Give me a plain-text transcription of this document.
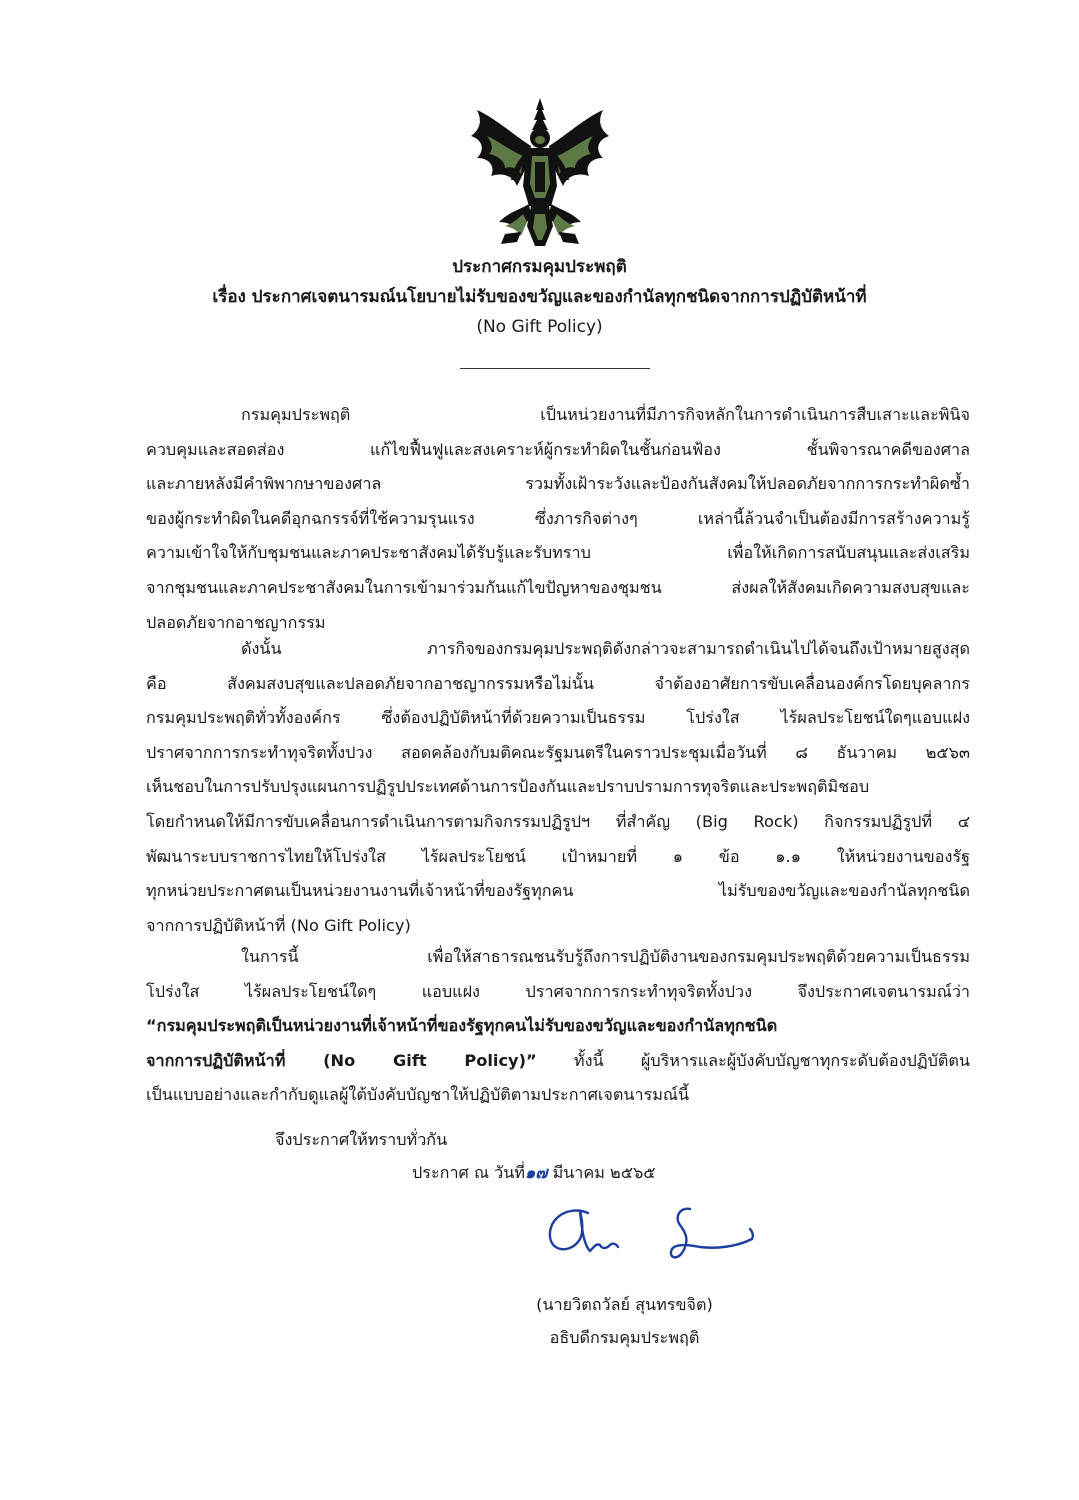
ประกาศกรมคุมประพฤติ
เรื่อง ประกาศเจตนารมณ์นโยบายไม่รับของขวัญและของกำนัลทุกชนิดจากการปฏิบัติหน้าที่
(No Gift Policy)
กรมคุมประพฤติ เป็นหน่วยงานที่มีภารกิจหลักในการดำเนินการสืบเสาะและพินิจ
ควบคุมและสอดส่อง แก้ไขฟื้นฟูและสงเคราะห์ผู้กระทำผิดในชั้นก่อนฟ้อง ชั้นพิจารณาคดีของศาล
และภายหลังมีคำพิพากษาของศาล รวมทั้งเฝ้าระวังและป้องกันสังคมให้ปลอดภัยจากการกระทำผิดซ้ำ
ของผู้กระทำผิดในคดีอุกฉกรรจ์ที่ใช้ความรุนแรง ซึ่งภารกิจต่างๆ เหล่านี้ล้วนจำเป็นต้องมีการสร้างความรู้
ความเข้าใจให้กับชุมชนและภาคประชาสังคมได้รับรู้และรับทราบ เพื่อให้เกิดการสนับสนุนและส่งเสริม
จากชุมชนและภาคประชาสังคมในการเข้ามาร่วมกันแก้ไขปัญหาของชุมชน ส่งผลให้สังคมเกิดความสงบสุขและ
ปลอดภัยจากอาชญากรรม
ดังนั้น ภารกิจของกรมคุมประพฤติดังกล่าวจะสามารถดำเนินไปได้จนถึงเป้าหมายสูงสุด
คือ สังคมสงบสุขและปลอดภัยจากอาชญากรรมหรือไม่นั้น จำต้องอาศัยการขับเคลื่อนองค์กรโดยบุคลากร
กรมคุมประพฤติทั่วทั้งองค์กร ซึ่งต้องปฏิบัติหน้าที่ด้วยความเป็นธรรม โปร่งใส ไร้ผลประโยชน์ใดๆแอบแฝง
ปราศจากการกระทำทุจริตทั้งปวง สอดคล้องกับมติคณะรัฐมนตรีในคราวประชุมเมื่อวันที่ ๘ ธันวาคม ๒๕๖๓
เห็นชอบในการปรับปรุงแผนการปฏิรูปประเทศด้านการป้องกันและปราบปรามการทุจริตและประพฤติมิชอบ
โดยกำหนดให้มีการขับเคลื่อนการดำเนินการตามกิจกรรมปฏิรูปฯ ที่สำคัญ (Big Rock) กิจกรรมปฏิรูปที่ ๔
พัฒนาระบบราชการไทยให้โปร่งใส ไร้ผลประโยชน์ เป้าหมายที่ ๑ ข้อ ๑.๑ ให้หน่วยงานของรัฐ
ทุกหน่วยประกาศตนเป็นหน่วยงานงานที่เจ้าหน้าที่ของรัฐทุกคน ไม่รับของขวัญและของกำนัลทุกชนิด
จากการปฏิบัติหน้าที่ (No Gift Policy)
ในการนี้ เพื่อให้สาธารณชนรับรู้ถึงการปฏิบัติงานของกรมคุมประพฤติด้วยความเป็นธรรม
โปร่งใส ไร้ผลประโยชน์ใดๆ แอบแฝง ปราศจากการกระทำทุจริตทั้งปวง จึงประกาศเจตนารมณ์ว่า
“กรมคุมประพฤติเป็นหน่วยงานที่เจ้าหน้าที่ของรัฐทุกคนไม่รับของขวัญและของกำนัลทุกชนิด
จากการปฏิบัติหน้าที่ (No Gift Policy)” ทั้งนี้ ผู้บริหารและผู้บังคับบัญชาทุกระดับต้องปฏิบัติตน
เป็นแบบอย่างและกำกับดูแลผู้ใต้บังคับบัญชาให้ปฏิบัติตามประกาศเจตนารมณ์นี้
จึงประกาศให้ทราบทั่วกัน
ประกาศ ณ วันที่๑๗ มีนาคม ๒๕๖๕
(นายวิตถวัลย์ สุนทรขจิต)
อธิบดีกรมคุมประพฤติ
